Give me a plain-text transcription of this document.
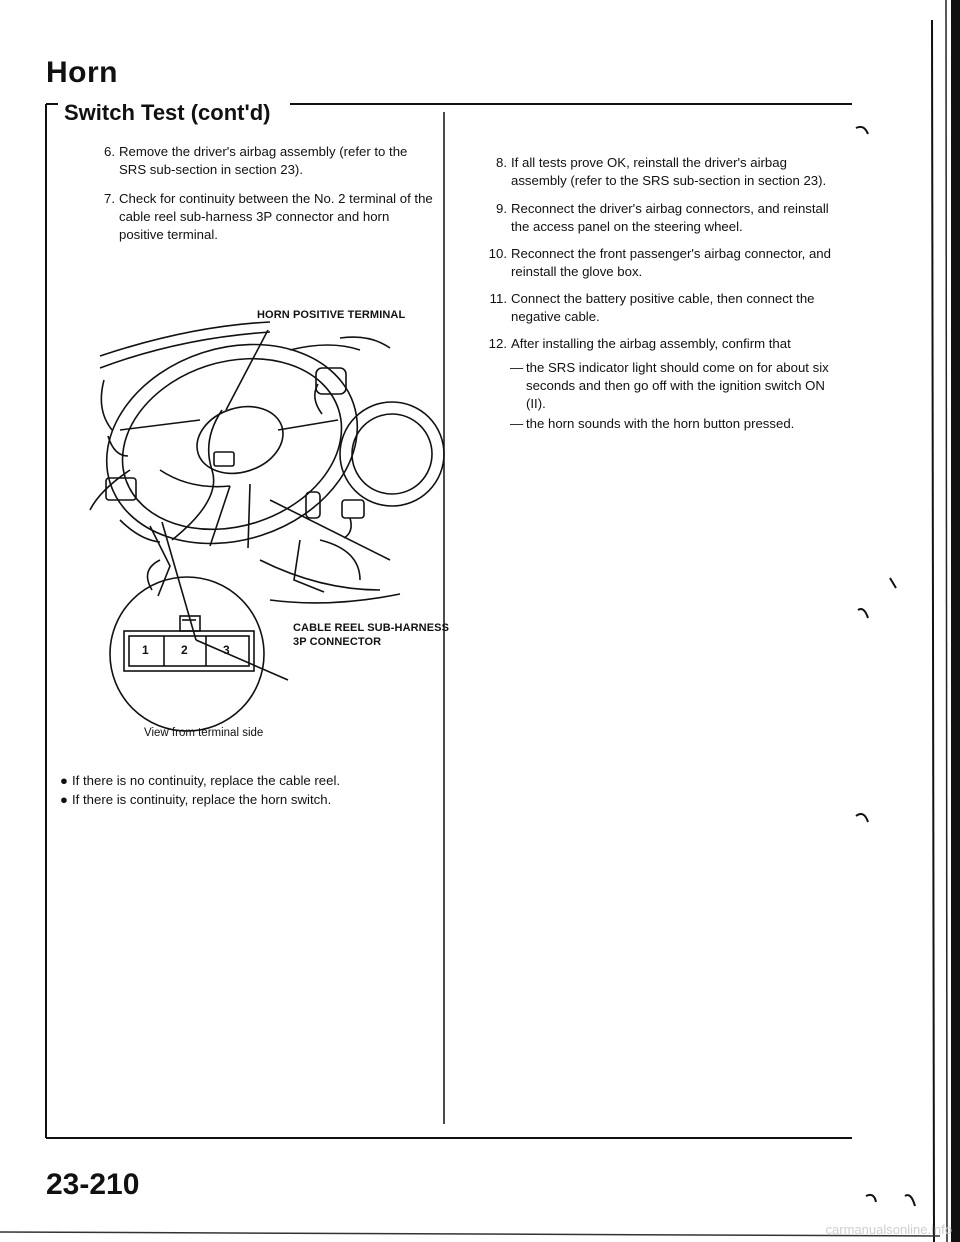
Horn
Switch Test (cont'd)
6. Remove the driver's airbag assembly (refer to the SRS sub-section in section 23).
7. Check for continuity between the No. 2 terminal of the cable reel sub-harness 3P connector and horn positive terminal.
HORN POSITIVE TERMINAL
CABLE REEL SUB-HARNESS
3P CONNECTOR
1	2	3
View from terminal side
● If there is no continuity, replace the cable reel.
● If there is continuity, replace the horn switch.
8. If all tests prove OK, reinstall the driver's airbag assembly (refer to the SRS sub-section in section 23).
9. Reconnect the driver's airbag connectors, and reinstall the access panel on the steering wheel.
10. Reconnect the front passenger's airbag connector, and reinstall the glove box.
11. Connect the battery positive cable, then connect the negative cable.
12. After installing the airbag assembly, confirm that
— the SRS indicator light should come on for about six seconds and then go off with the ignition switch ON (II).
— the horn sounds with the horn button pressed.
23-210
carmanualsonline.info
